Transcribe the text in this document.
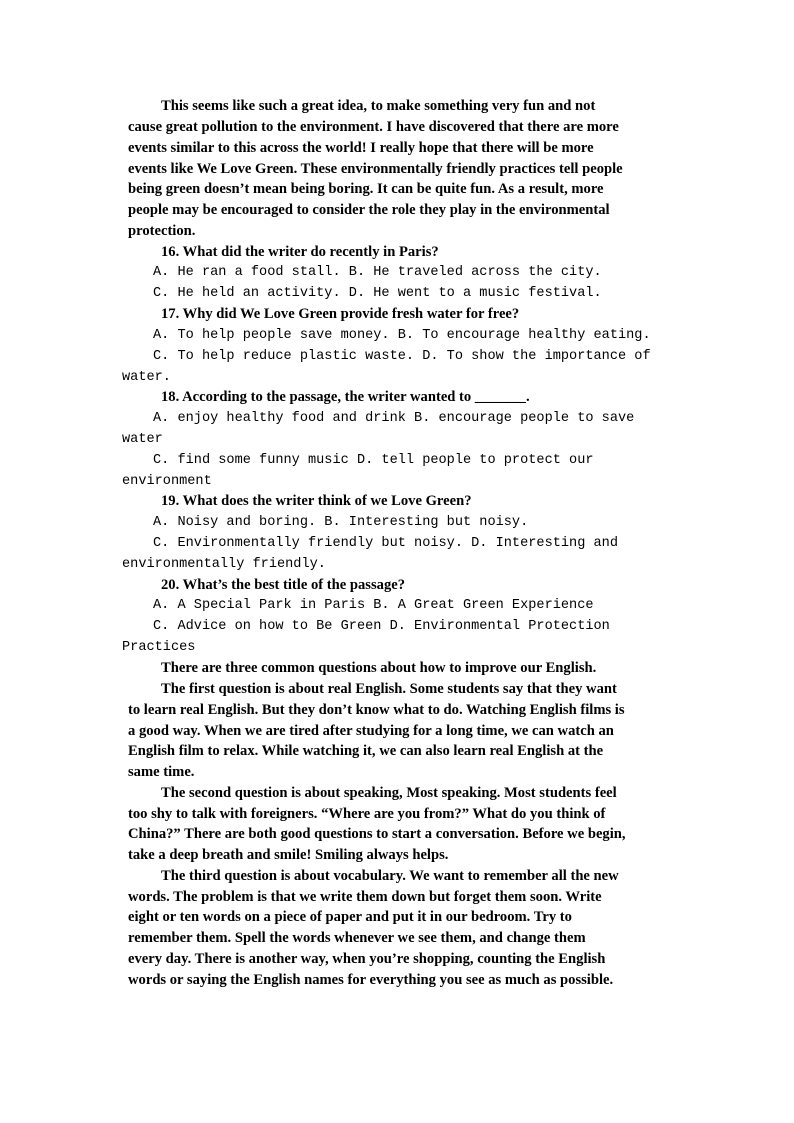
This seems like such a great idea, to make something very fun and not
cause great pollution to the environment. I have discovered that there are more
events similar to this across the world! I really hope that there will be more
events like We Love Green. These environmentally friendly practices tell people
being green doesn’t mean being boring. It can be quite fun. As a result, more
people may be encouraged to consider the role they play in the environmental
protection.
16. What did the writer do recently in Paris?
A. He ran a food stall. B. He traveled across the city.
C. He held an activity. D. He went to a music festival.
17. Why did We Love Green provide fresh water for free?
A. To help people save money. B. To encourage healthy eating.
C. To help reduce plastic waste. D. To show the importance of
water.
18. According to the passage, the writer wanted to _______.
A. enjoy healthy food and drink B. encourage people to save
water
C. find some funny music D. tell people to protect our
environment
19. What does the writer think of we Love Green?
A. Noisy and boring. B. Interesting but noisy.
C. Environmentally friendly but noisy. D. Interesting and
environmentally friendly.
20. What’s the best title of the passage?
A. A Special Park in Paris B. A Great Green Experience
C. Advice on how to Be Green D. Environmental Protection
Practices
There are three common questions about how to improve our English.
The first question is about real English. Some students say that they want
to learn real English. But they don’t know what to do. Watching English films is
a good way. When we are tired after studying for a long time, we can watch an
English film to relax. While watching it, we can also learn real English at the
same time.
The second question is about speaking, Most speaking. Most students feel
too shy to talk with foreigners. “Where are you from?” What do you think of
China?” There are both good questions to start a conversation. Before we begin,
take a deep breath and smile! Smiling always helps.
The third question is about vocabulary. We want to remember all the new
words. The problem is that we write them down but forget them soon. Write
eight or ten words on a piece of paper and put it in our bedroom. Try to
remember them. Spell the words whenever we see them, and change them
every day. There is another way, when you’re shopping, counting the English
words or saying the English names for everything you see as much as possible.
